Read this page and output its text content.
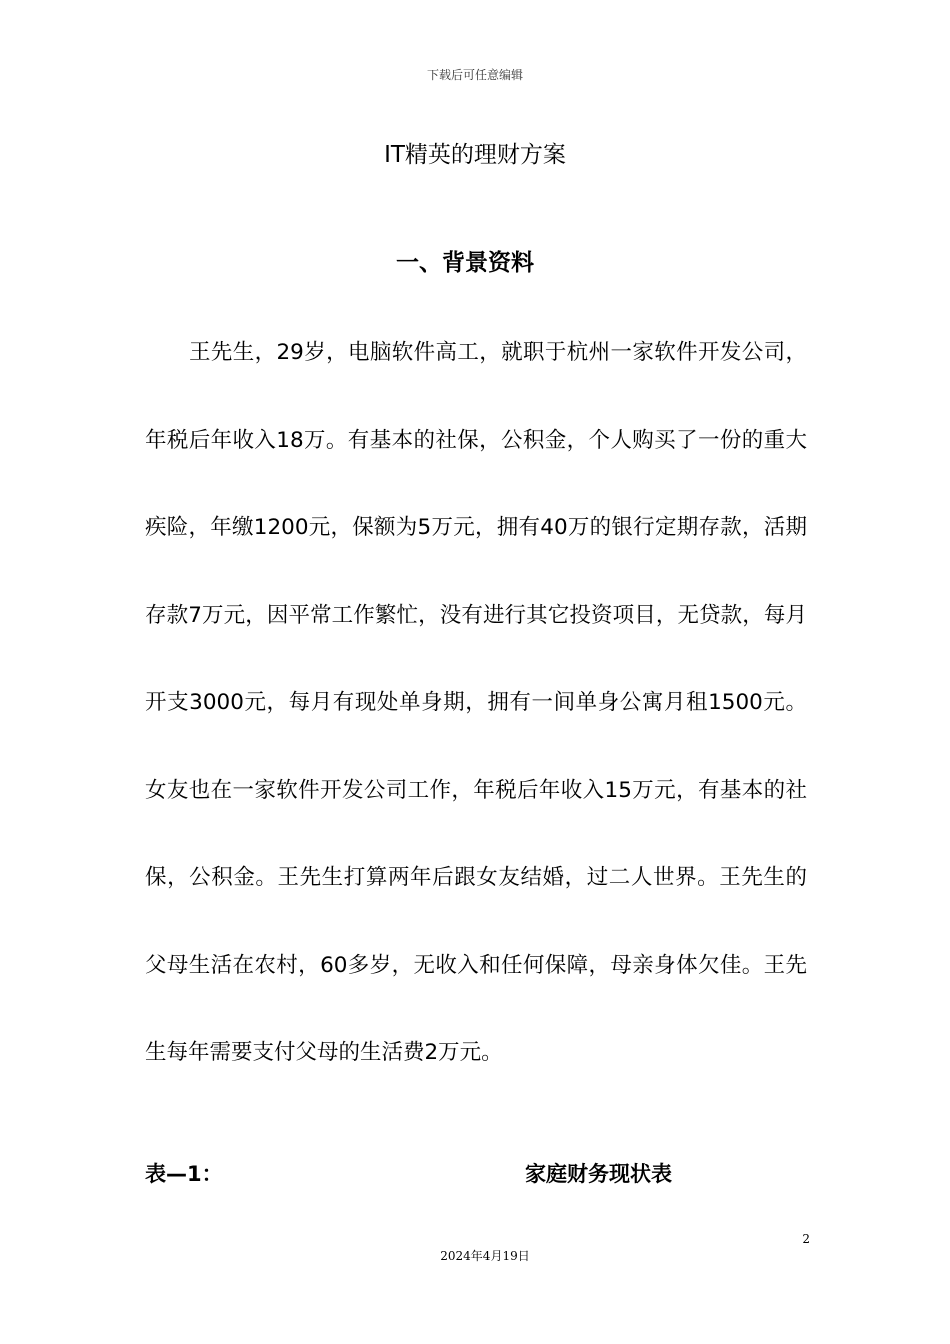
下载后可任意编辑
IT精英的理财方案
一、背景资料

王先生，29岁，电脑软件高工，就职于杭州一家软件开发公司，年税后年收入18万。有基本的社保，公积金，个人购买了一份的重大疾险，年缴1200元，保额为5万元，拥有40万的银行定期存款，活期存款7万元，因平常工作繁忙，没有进行其它投资项目，无贷款，每月开支3000元，每月有现处单身期，拥有一间单身公寓月租1500元。女友也在一家软件开发公司工作，年税后年收入15万元，有基本的社保，公积金。王先生打算两年后跟女友结婚，过二人世界。王先生的父母生活在农村，60多岁，无收入和任何保障，母亲身体欠佳。王先生每年需要支付父母的生活费2万元。

表—1：	家庭财务现状表
2
2024年4月19日
